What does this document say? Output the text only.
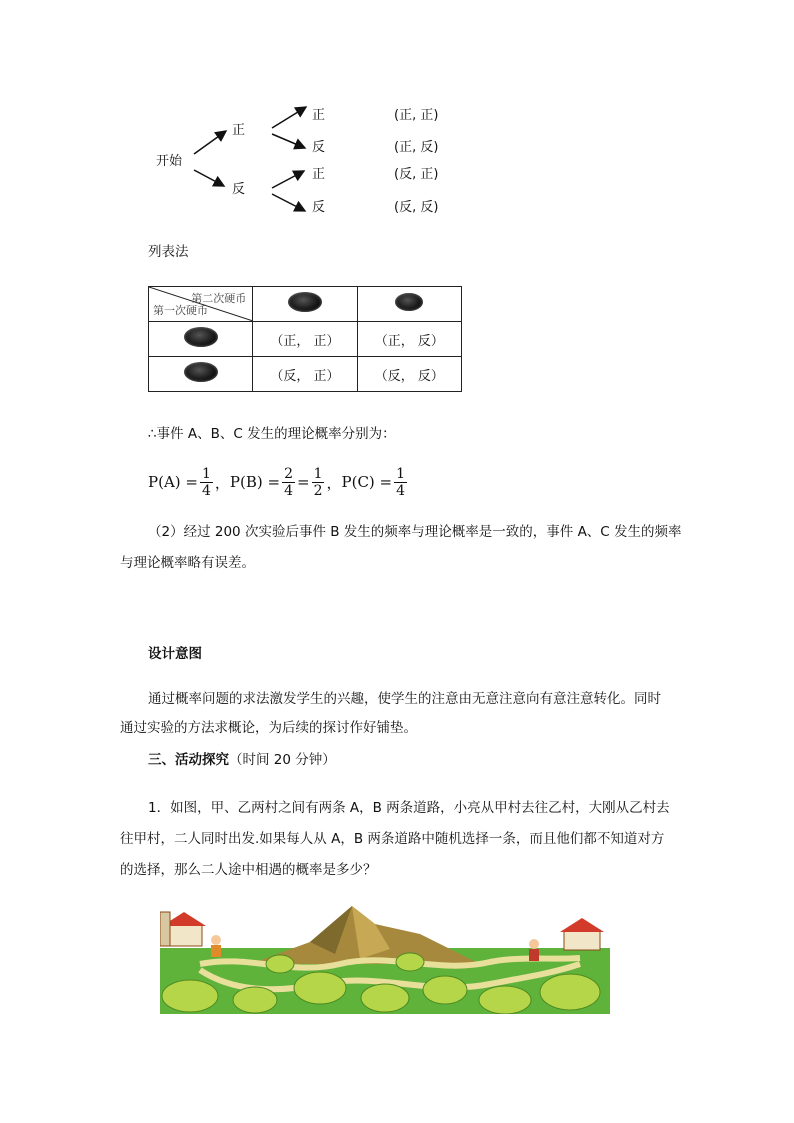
开始
正
反
正
反
正
反
(正, 正)
(正, 反)
(反, 正)
(反, 反)
列表法
第二次硬币
第一次硬币		

	（正， 正）	（正， 反）
	（反， 正）	（反， 反）
∴事件 A、B、C 发生的理论概率分别为：
$P(A) = \frac{1}{4}$ ， $P(B) = \frac{2}{4} = \frac{1}{2}$ ， $P(C) = \frac{1}{4}$
（2）经过 200 次实验后事件 B 发生的频率与理论概率是一致的，事件 A、C 发生的频率
与理论概率略有误差。
设计意图
通过概率问题的求法激发学生的兴趣，使学生的注意由无意注意向有意注意转化。同时
通过实验的方法求概论，为后续的探讨作好铺垫。
三、活动探究（时间 20 分钟）
1．如图，甲、乙两村之间有两条 A，B 两条道路，小亮从甲村去往乙村，大刚从乙村去
往甲村，二人同时出发.如果每人从 A，B 两条道路中随机选择一条，而且他们都不知道对方
的选择，那么二人途中相遇的概率是多少？
